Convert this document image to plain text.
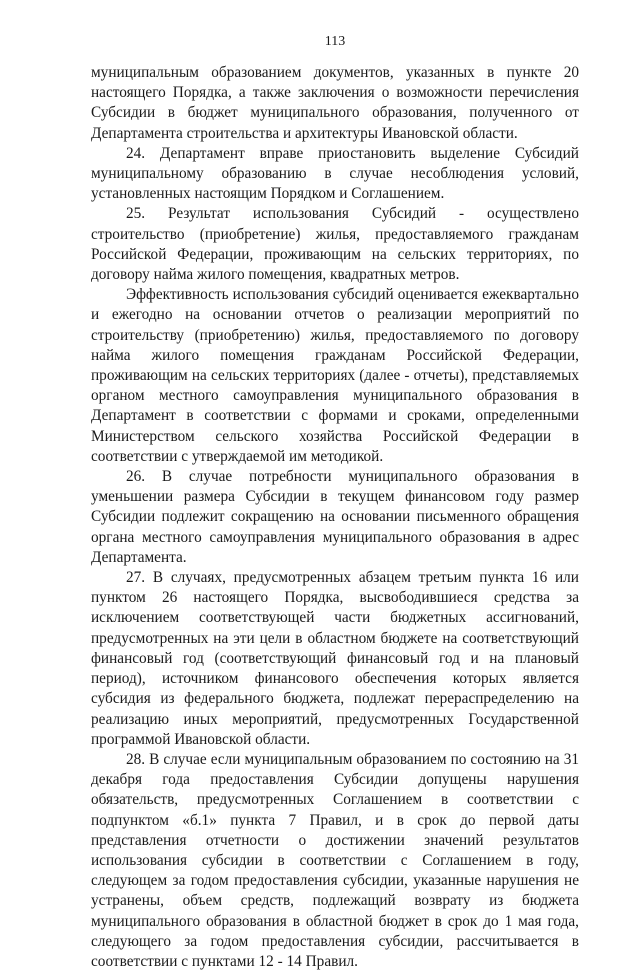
113

муниципальным образованием документов, указанных в пункте 20 настоящего Порядка, а также заключения о возможности перечисления Субсидии в бюджет муниципального образования, полученного от Департамента строительства и архитектуры Ивановской области.

24. Департамент вправе приостановить выделение Субсидий муниципальному образованию в случае несоблюдения условий, установленных настоящим Порядком и Соглашением.

25. Результат использования Субсидий - осуществлено строительство (приобретение) жилья, предоставляемого гражданам Российской Федерации, проживающим на сельских территориях, по договору найма жилого помещения, квадратных метров.

Эффективность использования субсидий оценивается ежеквартально и ежегодно на основании отчетов о реализации мероприятий по строительству (приобретению) жилья, предоставляемого по договору найма жилого помещения гражданам Российской Федерации, проживающим на сельских территориях (далее - отчеты), представляемых органом местного самоуправления муниципального образования в Департамент в соответствии с формами и сроками, определенными Министерством сельского хозяйства Российской Федерации в соответствии с утверждаемой им методикой.

26. В случае потребности муниципального образования в уменьшении размера Субсидии в текущем финансовом году размер Субсидии подлежит сокращению на основании письменного обращения органа местного самоуправления муниципального образования в адрес Департамента.

27. В случаях, предусмотренных абзацем третьим пункта 16 или пунктом 26 настоящего Порядка, высвободившиеся средства за исключением соответствующей части бюджетных ассигнований, предусмотренных на эти цели в областном бюджете на соответствующий финансовый год (соответствующий финансовый год и на плановый период), источником финансового обеспечения которых является субсидия из федерального бюджета, подлежат перераспределению на реализацию иных мероприятий, предусмотренных Государственной программой Ивановской области.

28. В случае если муниципальным образованием по состоянию на 31 декабря года предоставления Субсидии допущены нарушения обязательств, предусмотренных Соглашением в соответствии с подпунктом «б.1» пункта 7 Правил, и в срок до первой даты представления отчетности о достижении значений результатов использования субсидии в соответствии с Соглашением в году, следующем за годом предоставления субсидии, указанные нарушения не устранены, объем средств, подлежащий возврату из бюджета муниципального образования в областной бюджет в срок до 1 мая года, следующего за годом предоставления субсидии, рассчитывается в соответствии с пунктами 12 - 14 Правил.
